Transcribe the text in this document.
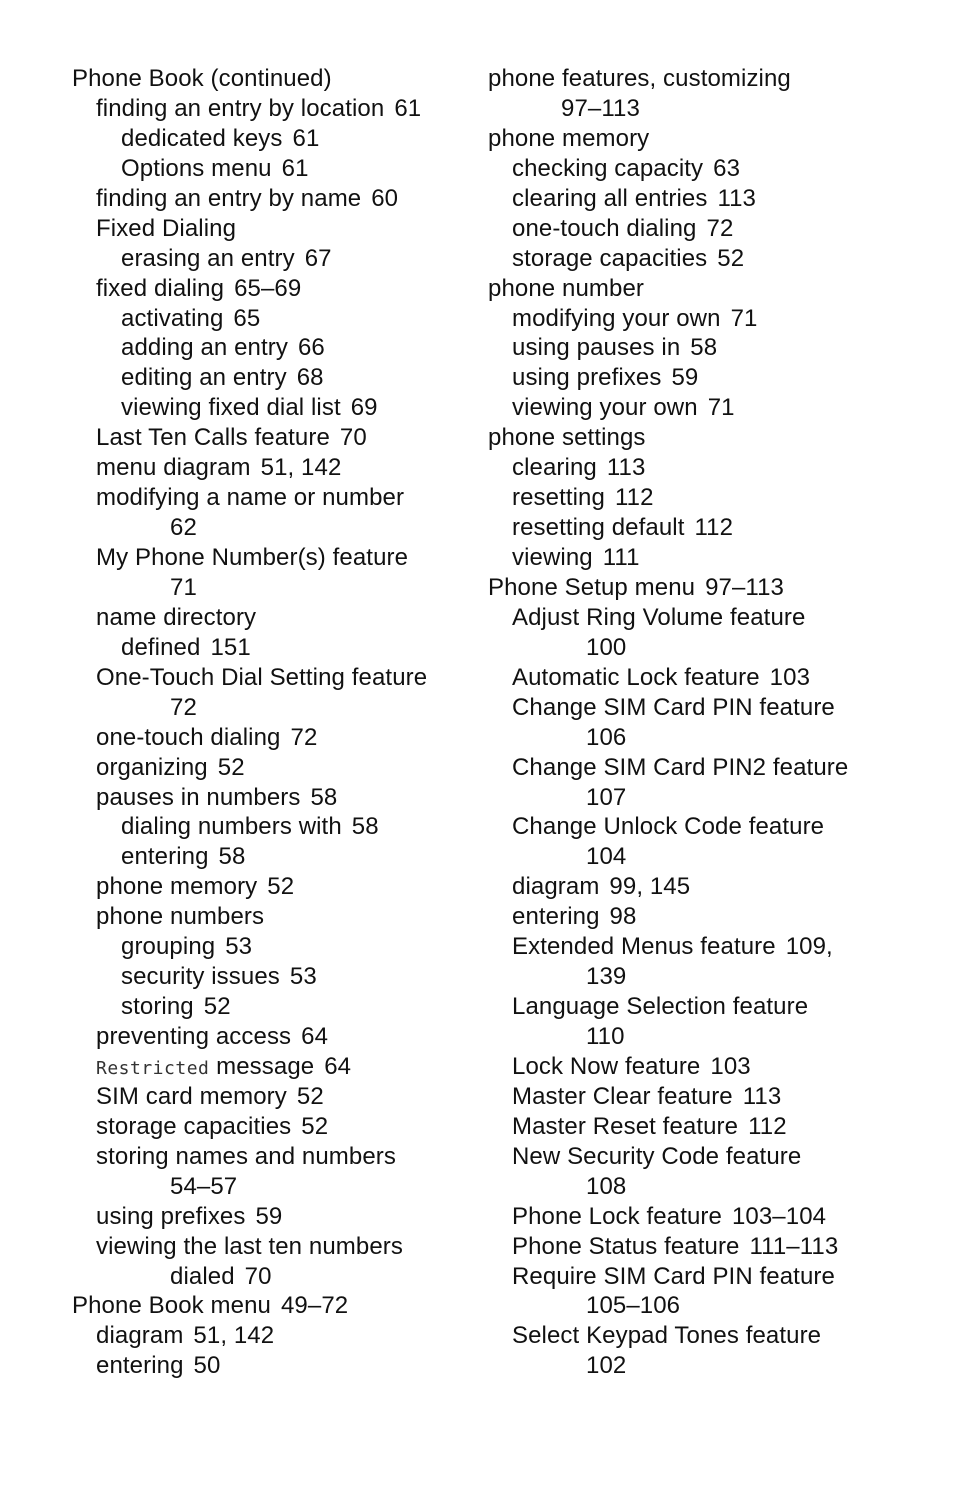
Phone Book (continued)
finding an entry by location 61
dedicated keys 61
Options menu 61
finding an entry by name 60
Fixed Dialing
erasing an entry 67
fixed dialing 65–69
activating 65
adding an entry 66
editing an entry 68
viewing fixed dial list 69
Last Ten Calls feature 70
menu diagram 51, 142
modifying a name or number
62
My Phone Number(s) feature
71
name directory
defined 151
One-Touch Dial Setting feature
72
one-touch dialing 72
organizing 52
pauses in numbers 58
dialing numbers with 58
entering 58
phone memory 52
phone numbers
grouping 53
security issues 53
storing 52
preventing access 64
Restricted message 64
SIM card memory 52
storage capacities 52
storing names and numbers
54–57
using prefixes 59
viewing the last ten numbers
dialed 70
Phone Book menu 49–72
diagram 51, 142
entering 50
phone features, customizing
97–113
phone memory
checking capacity 63
clearing all entries 113
one-touch dialing 72
storage capacities 52
phone number
modifying your own 71
using pauses in 58
using prefixes 59
viewing your own 71
phone settings
clearing 113
resetting 112
resetting default 112
viewing 111
Phone Setup menu 97–113
Adjust Ring Volume feature
100
Automatic Lock feature 103
Change SIM Card PIN feature
106
Change SIM Card PIN2 feature
107
Change Unlock Code feature
104
diagram 99, 145
entering 98
Extended Menus feature 109,
139
Language Selection feature
110
Lock Now feature 103
Master Clear feature 113
Master Reset feature 112
New Security Code feature
108
Phone Lock feature 103–104
Phone Status feature 111–113
Require SIM Card PIN feature
105–106
Select Keypad Tones feature
102
